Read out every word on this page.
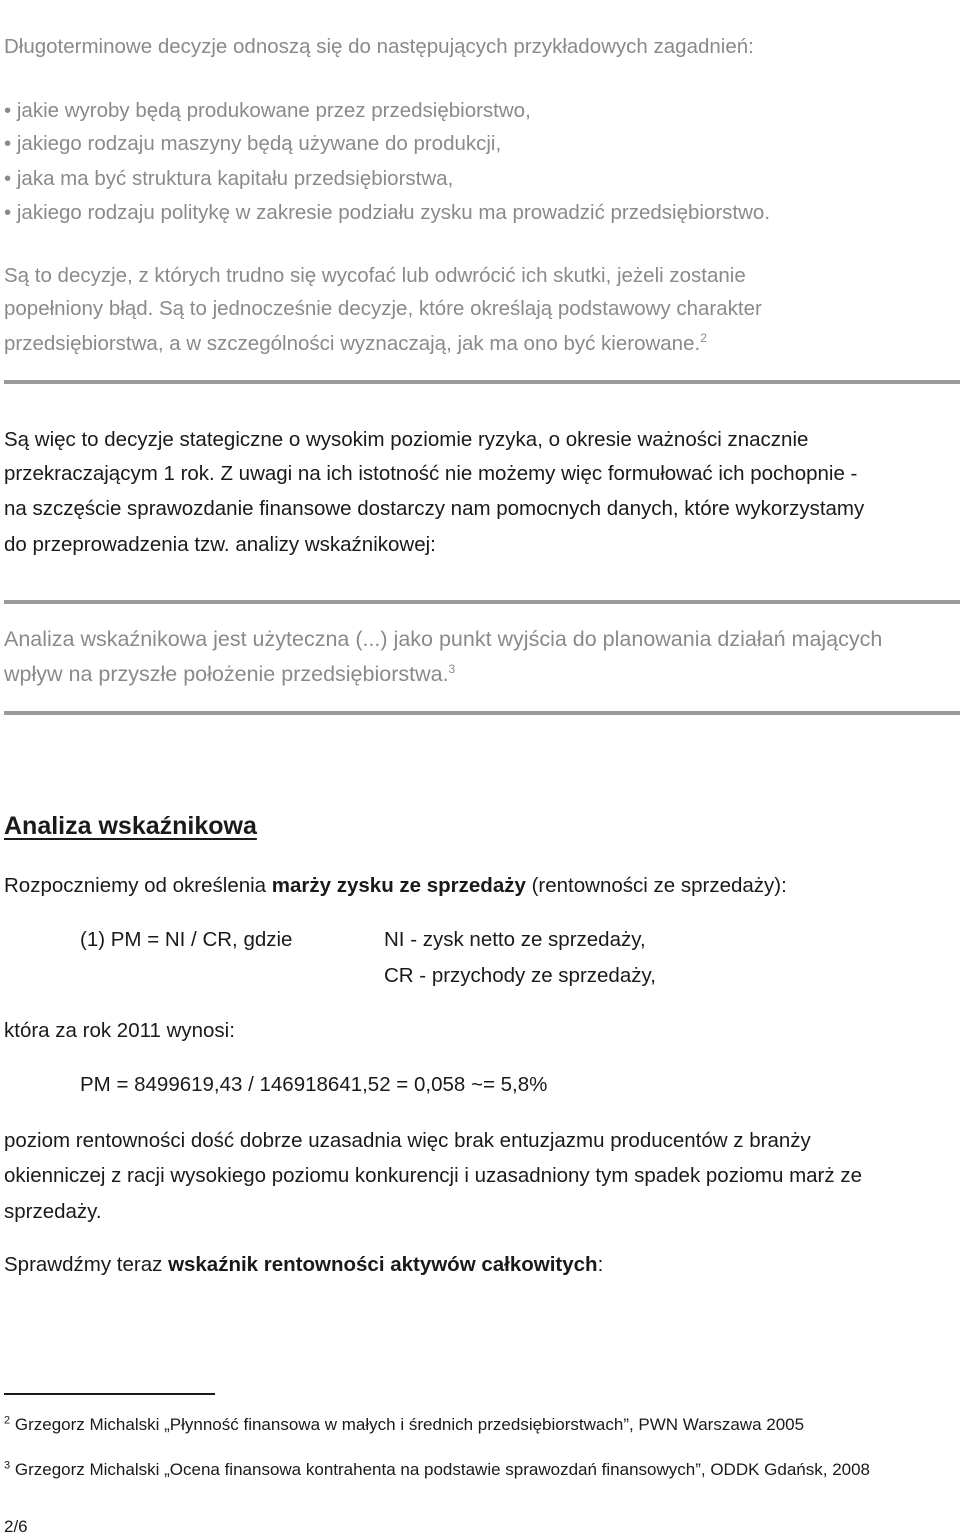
Długoterminowe decyzje odnoszą się do następujących przykładowych zagadnień:
• jakie wyroby będą produkowane przez przedsiębiorstwo,
• jakiego rodzaju maszyny będą używane do produkcji,
• jaka ma być struktura kapitału przedsiębiorstwa,
• jakiego rodzaju politykę w zakresie podziału zysku ma prowadzić przedsiębiorstwo.
Są to decyzje, z których trudno się wycofać lub odwrócić ich skutki, jeżeli zostanie
popełniony błąd. Są to jednocześnie decyzje, które określają podstawowy charakter
przedsiębiorstwa, a w szczególności wyznaczają, jak ma ono być kierowane.$^2$
Są więc to decyzje stategiczne o wysokim poziomie ryzyka, o okresie ważności znacznie
przekraczającym 1 rok. Z uwagi na ich istotność nie możemy więc formułować ich pochopnie -
na szczęście sprawozdanie finansowe dostarczy nam pomocnych danych, które wykorzystamy
do przeprowadzenia tzw. analizy wskaźnikowej:
Analiza wskaźnikowa jest użyteczna (...) jako punkt wyjścia do planowania działań mających
wpływ na przyszłe położenie przedsiębiorstwa.$^3$
Analiza wskaźnikowa
Rozpoczniemy od określenia marży zysku ze sprzedaży (rentowności ze sprzedaży):
(1) PM = NI / CR, gdzie	NI - zysk netto ze sprzedaży,
CR - przychody ze sprzedaży,
która za rok 2011 wynosi:
PM = 8499619,43 / 146918641,52 = 0,058 ~= 5,8%
poziom rentowności dość dobrze uzasadnia więc brak entuzjazmu producentów z branży
okienniczej z racji wysokiego poziomu konkurencji i uzasadniony tym spadek poziomu marż ze
sprzedaży.
Sprawdźmy teraz wskaźnik rentowności aktywów całkowitych:
$^2$ Grzegorz Michalski „Płynność finansowa w małych i średnich przedsiębiorstwach”, PWN Warszawa 2005
$^3$ Grzegorz Michalski „Ocena finansowa kontrahenta na podstawie sprawozdań finansowych”, ODDK Gdańsk, 2008
2/6
